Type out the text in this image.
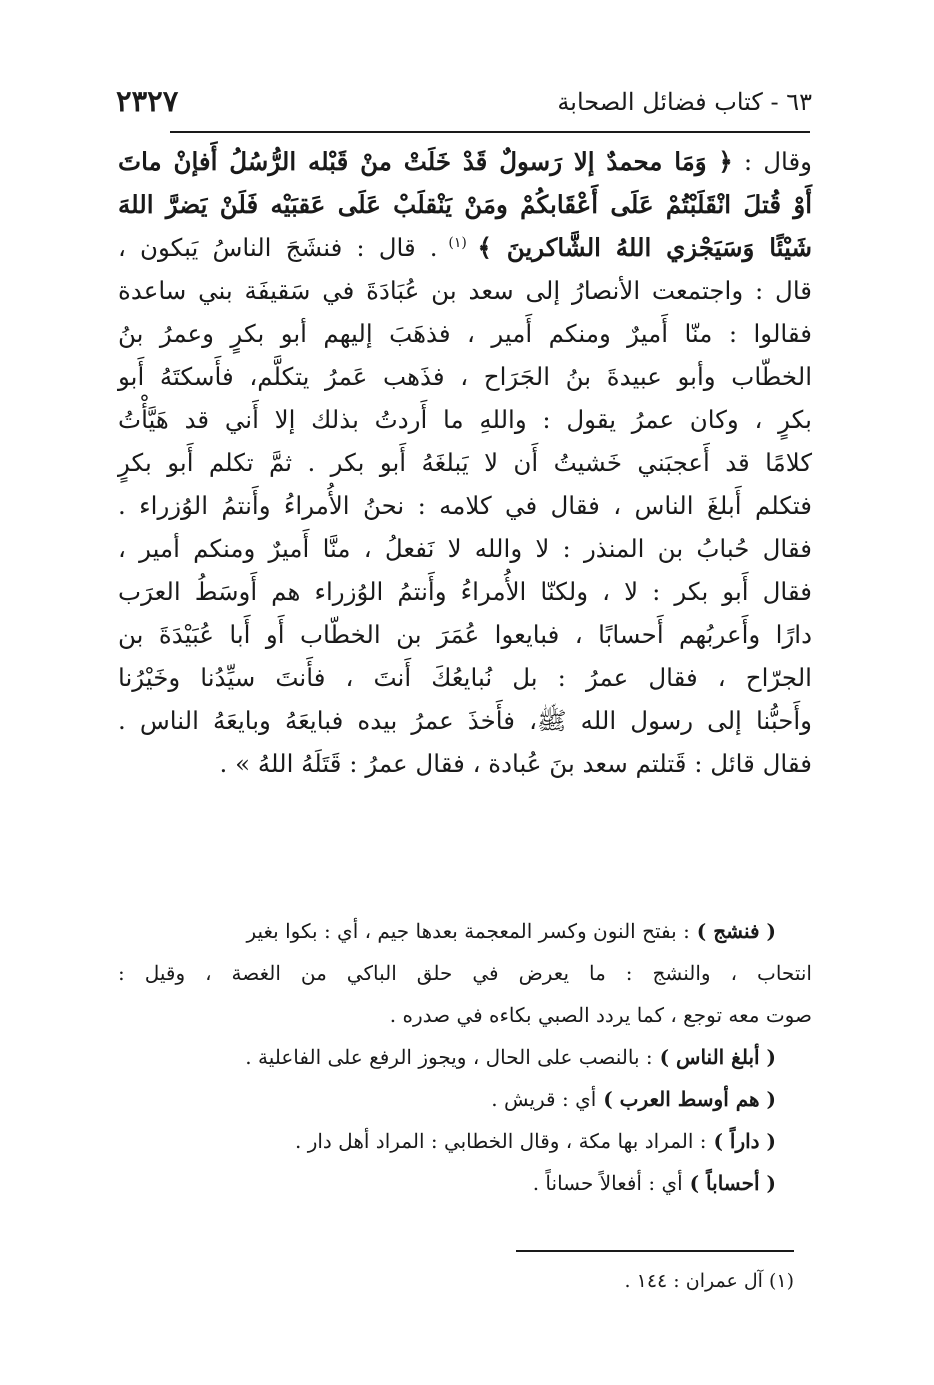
٦٣ - كتاب فضائل الصحابة
٢٣٢٧
وقال : ﴿ وَمَا محمدٌ إلا رَسولٌ قَدْ خَلَتْ منْ قَبْله الرُّسُلُ أَفإنْ ماتَ
أَوْ قُتلَ انْقَلَبْتُمْ عَلَى أَعْقَابكُمْ ومَنْ يَنْقلَبْ عَلَى عَقبَيْه فَلَنْ يَضرَّ اللهَ
شَيْئًا وَسَيَجْزي اللهُ الشَّاكرينَ ﴾ $^{(١)}$ . قال : فنشَجَ الناسُ يَبكون ،
قال : واجتمعت الأنصارُ إلى سعد بن عُبَادَةَ في سَقيفَة بني ساعدة
فقالوا : منّا أَميرٌ ومنكم أَمير ، فذهَبَ إليهم أبو بكرٍ وعمرُ بنُ
الخطّاب وأبو عبيدةَ بنُ الجَرَاح ، فذَهب عَمرُ يتكلَّم، فأَسكتَهُ أَبو
بكرٍ ، وكان عمرُ يقول : واللهِ ما أَردتُ بذلك إلا أَني قد هَيَّأْتُ
كلامًا قد أَعجبَني خَشيتُ أَن لا يَبلغَهُ أَبو بكر . ثمَّ تكلم أَبو بكرٍ
فتكلم أَبلغَ الناس ، فقال في كلامه : نحنُ الأُمراءُ وأَنتمُ الوُزراء .
فقال حُبابُ بن المنذر : لا والله لا نَفعلُ ، منَّا أَميرٌ ومنكم أمير ،
فقال أَبو بكر : لا ، ولكنّا الأُمراءُ وأَنتمُ الوُزراء هم أَوسَطُ العرَب
دارًا وأَعربُهم أَحسابًا ، فبايعوا عُمَرَ بن الخطّاب أَو أَبا عُبَيْدَةَ بن
الجرّاح ، فقال عمرُ : بل نُبايعُكَ أَنتَ ، فأَنتَ سيِّدُنا وخَيْرُنا
وأَحبُّنا إلى رسول الله ﷺ، فأَخذَ عمرُ بيده فبايعَهُ وبايعَهُ الناس .
فقال قائل : قَتلتم سعد بنَ عُبادة ، فقال عمرُ : قَتَلَهُ اللهُ » .
( فنشج ) : بفتح النون وكسر المعجمة بعدها جيم ، أي : بكوا بغير
انتحاب ، والنشج : ما يعرض في حلق الباكي من الغصة ، وقيل :
صوت معه توجع ، كما يردد الصبي بكاءه في صدره .
( أبلغ الناس ) : بالنصب على الحال ، ويجوز الرفع على الفاعلية .
( هم أوسط العرب ) أي : قريش .
( داراً ) : المراد بها مكة ، وقال الخطابي : المراد أهل دار .
( أحساباً ) أي : أفعالاً حساناً .
(١) آل عمران : ١٤٤ .
